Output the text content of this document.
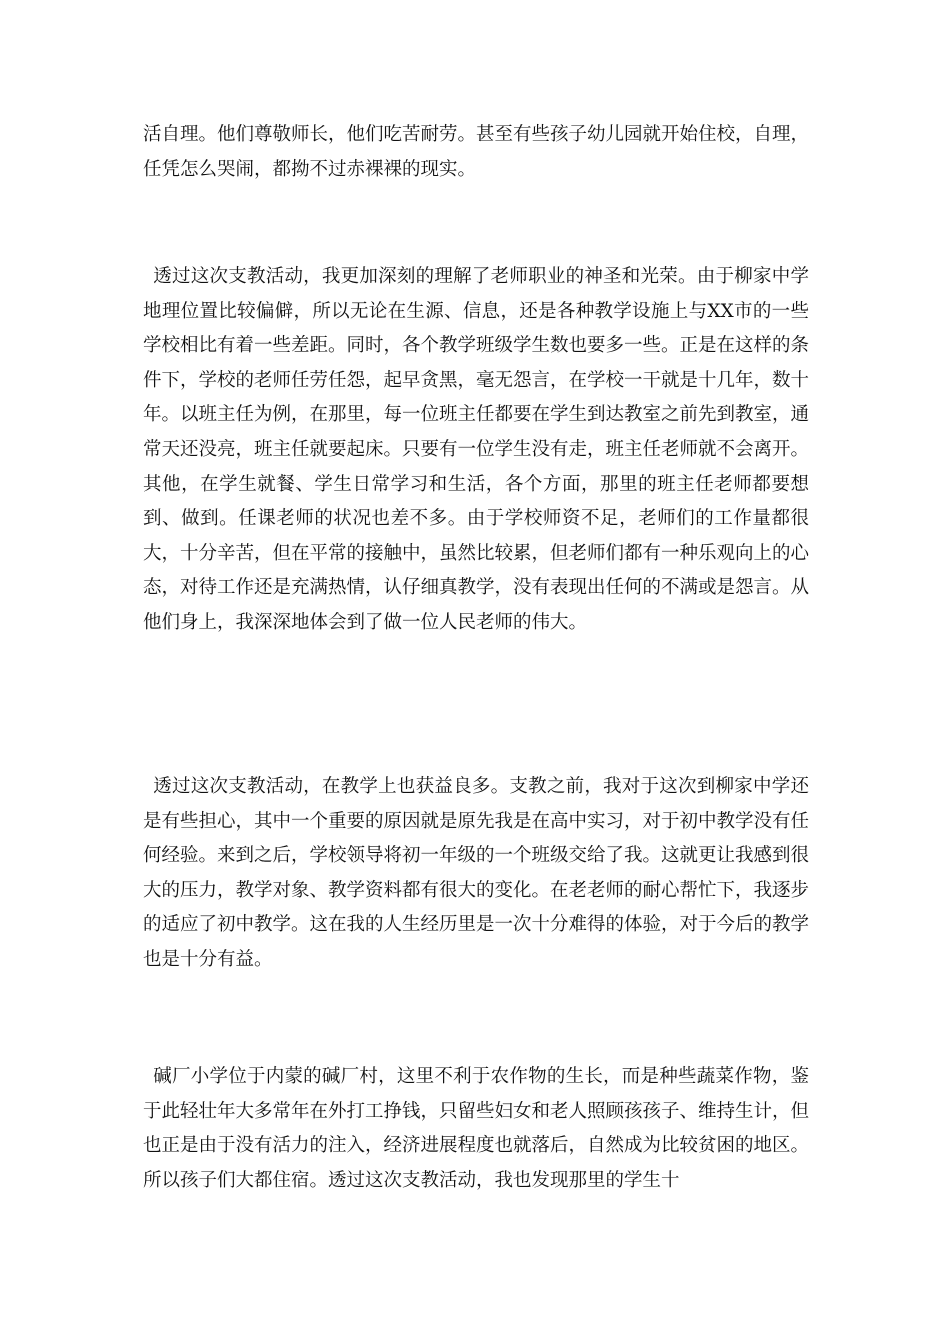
活自理。他们尊敬师长，他们吃苦耐劳。甚至有些孩子幼儿园就开始住校，自理，任凭怎么哭闹，都拗不过赤裸裸的现实。

透过这次支教活动，我更加深刻的理解了老师职业的神圣和光荣。由于柳家中学地理位置比较偏僻，所以无论在生源、信息，还是各种教学设施上与XX市的一些学校相比有着一些差距。同时，各个教学班级学生数也要多一些。正是在这样的条件下，学校的老师任劳任怨，起早贪黑，毫无怨言，在学校一干就是十几年，数十年。以班主任为例，在那里，每一位班主任都要在学生到达教室之前先到教室，通常天还没亮，班主任就要起床。只要有一位学生没有走，班主任老师就不会离开。其他，在学生就餐、学生日常学习和生活，各个方面，那里的班主任老师都要想到、做到。任课老师的状况也差不多。由于学校师资不足，老师们的工作量都很大，十分辛苦，但在平常的接触中，虽然比较累，但老师们都有一种乐观向上的心态，对待工作还是充满热情，认仔细真教学，没有表现出任何的不满或是怨言。从他们身上，我深深地体会到了做一位人民老师的伟大。

透过这次支教活动，在教学上也获益良多。支教之前，我对于这次到柳家中学还是有些担心，其中一个重要的原因就是原先我是在高中实习，对于初中教学没有任何经验。来到之后，学校领导将初一年级的一个班级交给了我。这就更让我感到很大的压力，教学对象、教学资料都有很大的变化。在老老师的耐心帮忙下，我逐步的适应了初中教学。这在我的人生经历里是一次十分难得的体验，对于今后的教学也是十分有益。

碱厂小学位于内蒙的碱厂村，这里不利于农作物的生长，而是种些蔬菜作物，鉴于此轻壮年大多常年在外打工挣钱，只留些妇女和老人照顾孩孩子、维持生计，但也正是由于没有活力的注入，经济进展程度也就落后，自然成为比较贫困的地区。所以孩子们大都住宿。透过这次支教活动，我也发现那里的学生十
